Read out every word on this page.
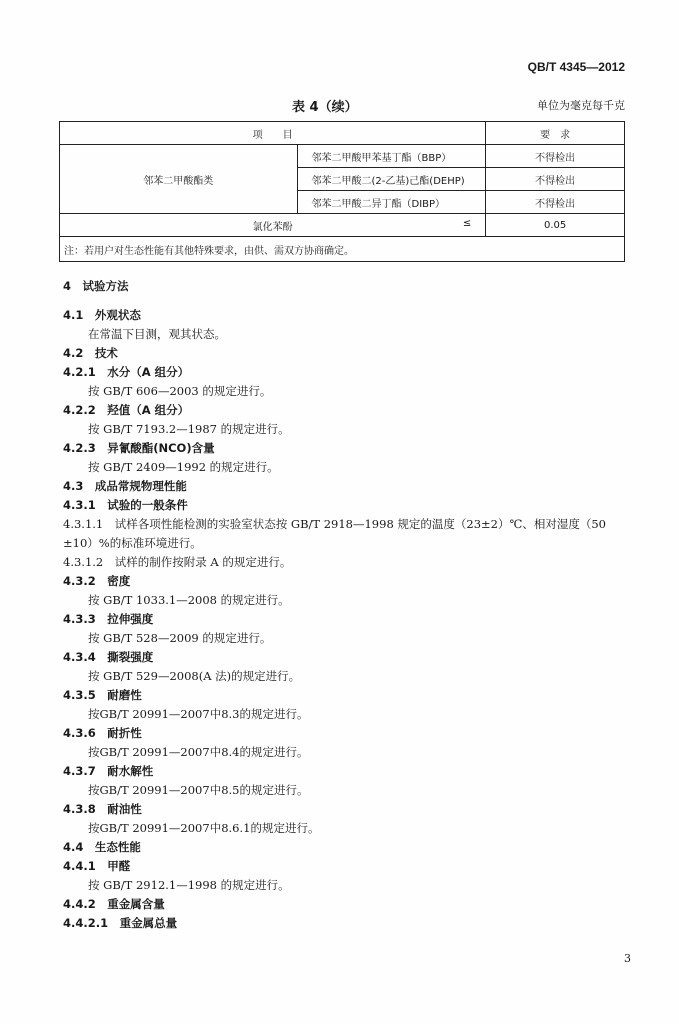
QB/T 4345—2012
表 4（续）	单位为毫克每千克
项　　目		要　求
邻苯二甲酸酯类	邻苯二甲酸甲苯基丁酯（BBP）	不得检出
	邻苯二甲酸二(2-乙基)己酯(DEHP)	不得检出
	邻苯二甲酸二异丁酯（DIBP）	不得检出
氯化苯酚 ≤		0.05
注：若用户对生态性能有其他特殊要求，由供、需双方协商确定。		
4　试验方法
4.1　外观状态
在常温下目测，观其状态。
4.2　技术
4.2.1　水分（A 组分）
按 GB/T 606—2003 的规定进行。
4.2.2　羟值（A 组分）
按 GB/T 7193.2—1987 的规定进行。
4.2.3　异氰酸酯(NCO)含量
按 GB/T 2409—1992 的规定进行。
4.3　成品常规物理性能
4.3.1　试验的一般条件
4.3.1.1　试样各项性能检测的实验室状态按 GB/T 2918—1998 规定的温度（23±2）℃、相对湿度（50
±10）%的标准环境进行。
4.3.1.2　试样的制作按附录 A 的规定进行。
4.3.2　密度
按 GB/T 1033.1—2008 的规定进行。
4.3.3　拉伸强度
按 GB/T 528—2009 的规定进行。
4.3.4　撕裂强度
按 GB/T 529—2008(A 法)的规定进行。
4.3.5　耐磨性
按GB/T 20991—2007中8.3的规定进行。
4.3.6　耐折性
按GB/T 20991—2007中8.4的规定进行。
4.3.7　耐水解性
按GB/T 20991—2007中8.5的规定进行。
4.3.8　耐油性
按GB/T 20991—2007中8.6.1的规定进行。
4.4　生态性能
4.4.1　甲醛
按 GB/T 2912.1—1998 的规定进行。
4.4.2　重金属含量
4.4.2.1　重金属总量
3
